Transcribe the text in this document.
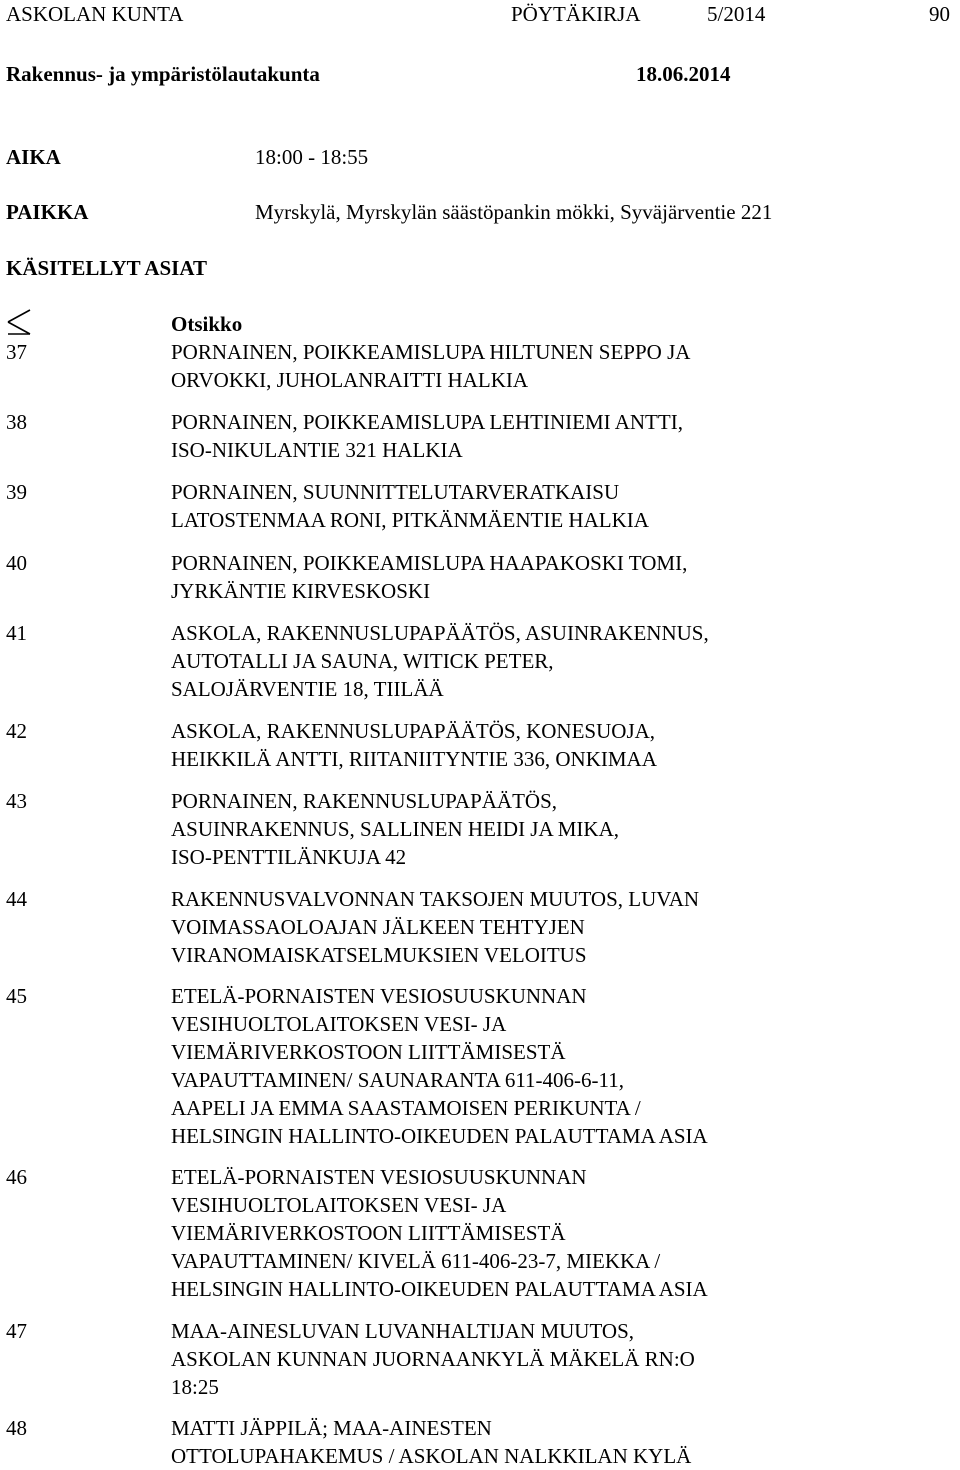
ASKOLAN KUNTA	PÖYTÄKIRJA	5/2014	90
Rakennus- ja ympäristölautakunta	18.06.2014
AIKA	18:00 - 18:55
PAIKKA	Myrskylä, Myrskylän säästöpankin mökki, Syväjärventie 221
KÄSITELLYT ASIAT
Otsikko
37	PORNAINEN, POIKKEAMISLUPA HILTUNEN SEPPO JA
ORVOKKI, JUHOLANRAITTI HALKIA
38	PORNAINEN, POIKKEAMISLUPA LEHTINIEMI ANTTI,
ISO-NIKULANTIE 321 HALKIA
39	PORNAINEN, SUUNNITTELUTARVERATKAISU
LATOSTENMAA RONI, PITKÄNMÄENTIE HALKIA
40	PORNAINEN, POIKKEAMISLUPA HAAPAKOSKI TOMI,
JYRKÄNTIE KIRVESKOSKI
41	ASKOLA, RAKENNUSLUPAPÄÄTÖS, ASUINRAKENNUS,
AUTOTALLI JA SAUNA, WITICK PETER,
SALOJÄRVENTIE 18, TIILÄÄ
42	ASKOLA, RAKENNUSLUPAPÄÄTÖS, KONESUOJA,
HEIKKILÄ ANTTI, RIITANIITYNTIE 336, ONKIMAA
43	PORNAINEN, RAKENNUSLUPAPÄÄTÖS,
ASUINRAKENNUS, SALLINEN HEIDI JA MIKA,
ISO-PENTTILÄNKUJA 42
44	RAKENNUSVALVONNAN TAKSOJEN MUUTOS, LUVAN
VOIMASSAOLOAJAN JÄLKEEN TEHTYJEN
VIRANOMAISKATSELMUKSIEN VELOITUS
45	ETELÄ-PORNAISTEN VESIOSUUSKUNNAN
VESIHUOLTOLAITOKSEN VESI- JA
VIEMÄRIVERKOSTOON LIITTÄMISESTÄ
VAPAUTTAMINEN/ SAUNARANTA 611-406-6-11,
AAPELI JA EMMA SAASTAMOISEN PERIKUNTA /
HELSINGIN HALLINTO-OIKEUDEN PALAUTTAMA ASIA
46	ETELÄ-PORNAISTEN VESIOSUUSKUNNAN
VESIHUOLTOLAITOKSEN VESI- JA
VIEMÄRIVERKOSTOON LIITTÄMISESTÄ
VAPAUTTAMINEN/ KIVELÄ 611-406-23-7, MIEKKA /
HELSINGIN HALLINTO-OIKEUDEN PALAUTTAMA ASIA
47	MAA-AINESLUVAN LUVANHALTIJAN MUUTOS,
ASKOLAN KUNNAN JUORNAANKYLÄ MÄKELÄ RN:O
18:25
48	MATTI JÄPPILÄ; MAA-AINESTEN
OTTOLUPAHAKEMUS / ASKOLAN NALKKILAN KYLÄ
